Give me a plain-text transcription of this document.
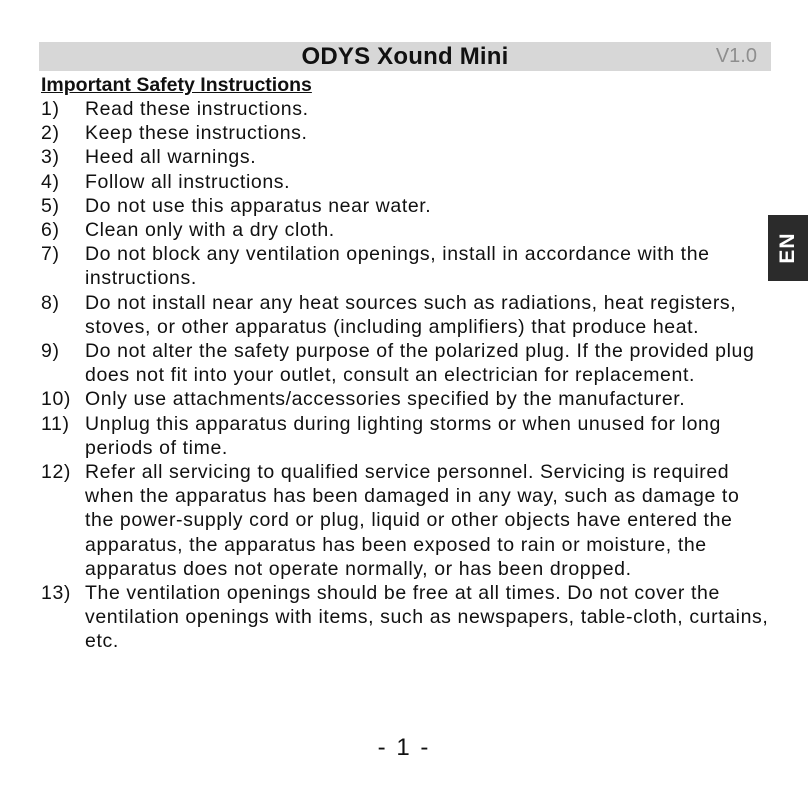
ODYS Xound Mini	V1.0
EN
Important Safety Instructions
1)	Read these instructions.
2)	Keep these instructions.
3)	Heed all warnings.
4)	Follow all instructions.
5)	Do not use this apparatus near water.
6)	Clean only with a dry cloth.
7)	Do not block any ventilation openings, install in accordance with the instructions.
8)	Do not install near any heat sources such as radiations, heat registers, stoves, or other apparatus (including amplifiers) that produce heat.
9)	Do not alter the safety purpose of the polarized plug. If the provided plug does not fit into your outlet, consult an electrician for replacement.
10) Only use attachments/accessories specified by the manufacturer.
11) Unplug this apparatus during lighting storms or when unused for long periods of time.
12) Refer all servicing to qualified service personnel. Servicing is required when the apparatus has been damaged in any way, such as damage to the power-supply cord or plug, liquid or other objects have entered the apparatus, the apparatus has been exposed to rain or moisture, the apparatus does not operate normally, or has been dropped.
13) The ventilation openings should be free at all times. Do not cover the ventilation openings with items, such as newspapers, table-cloth, curtains, etc.
- 1 -
